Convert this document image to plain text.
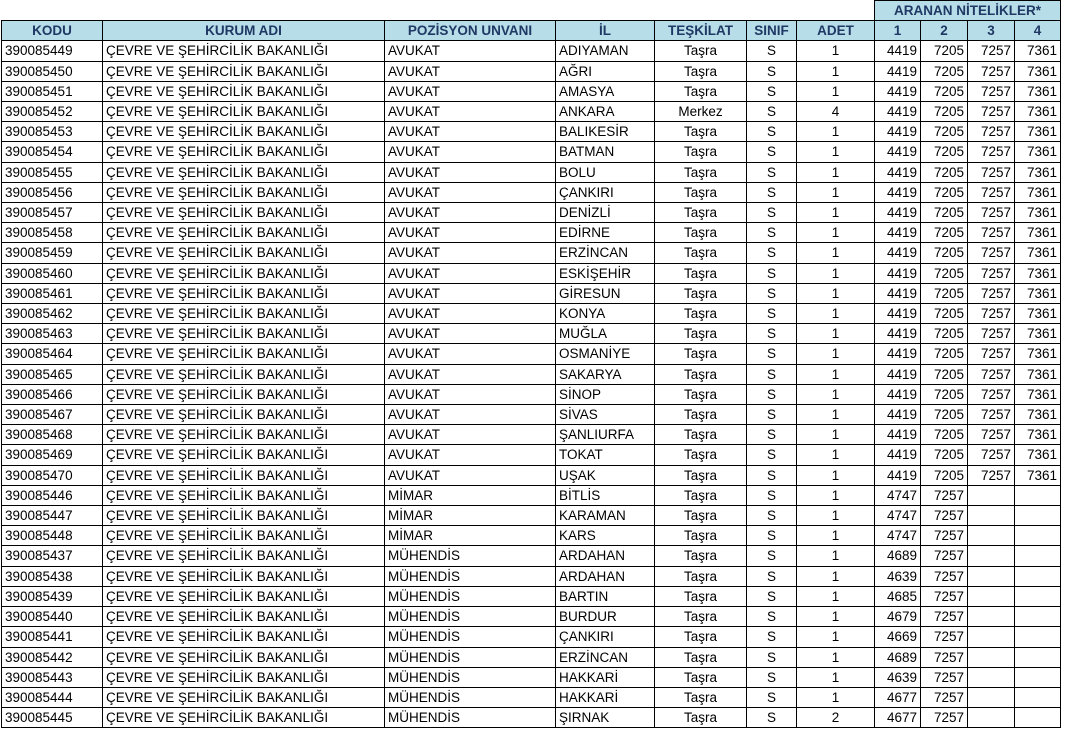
							ARANAN NİTELİKLER*			
KODU	KURUM ADI	POZİSYON UNVANI	İL	TEŞKİLAT	SINIF	ADET	1	2	3	4
390085449	ÇEVRE VE ŞEHİRCİLİK BAKANLIĞI	AVUKAT	ADIYAMAN	Taşra	S	1	4419	7205	7257	7361
390085450	ÇEVRE VE ŞEHİRCİLİK BAKANLIĞI	AVUKAT	AĞRI	Taşra	S	1	4419	7205	7257	7361
390085451	ÇEVRE VE ŞEHİRCİLİK BAKANLIĞI	AVUKAT	AMASYA	Taşra	S	1	4419	7205	7257	7361
390085452	ÇEVRE VE ŞEHİRCİLİK BAKANLIĞI	AVUKAT	ANKARA	Merkez	S	4	4419	7205	7257	7361
390085453	ÇEVRE VE ŞEHİRCİLİK BAKANLIĞI	AVUKAT	BALIKESİR	Taşra	S	1	4419	7205	7257	7361
390085454	ÇEVRE VE ŞEHİRCİLİK BAKANLIĞI	AVUKAT	BATMAN	Taşra	S	1	4419	7205	7257	7361
390085455	ÇEVRE VE ŞEHİRCİLİK BAKANLIĞI	AVUKAT	BOLU	Taşra	S	1	4419	7205	7257	7361
390085456	ÇEVRE VE ŞEHİRCİLİK BAKANLIĞI	AVUKAT	ÇANKIRI	Taşra	S	1	4419	7205	7257	7361
390085457	ÇEVRE VE ŞEHİRCİLİK BAKANLIĞI	AVUKAT	DENİZLİ	Taşra	S	1	4419	7205	7257	7361
390085458	ÇEVRE VE ŞEHİRCİLİK BAKANLIĞI	AVUKAT	EDİRNE	Taşra	S	1	4419	7205	7257	7361
390085459	ÇEVRE VE ŞEHİRCİLİK BAKANLIĞI	AVUKAT	ERZİNCAN	Taşra	S	1	4419	7205	7257	7361
390085460	ÇEVRE VE ŞEHİRCİLİK BAKANLIĞI	AVUKAT	ESKİŞEHİR	Taşra	S	1	4419	7205	7257	7361
390085461	ÇEVRE VE ŞEHİRCİLİK BAKANLIĞI	AVUKAT	GİRESUN	Taşra	S	1	4419	7205	7257	7361
390085462	ÇEVRE VE ŞEHİRCİLİK BAKANLIĞI	AVUKAT	KONYA	Taşra	S	1	4419	7205	7257	7361
390085463	ÇEVRE VE ŞEHİRCİLİK BAKANLIĞI	AVUKAT	MUĞLA	Taşra	S	1	4419	7205	7257	7361
390085464	ÇEVRE VE ŞEHİRCİLİK BAKANLIĞI	AVUKAT	OSMANİYE	Taşra	S	1	4419	7205	7257	7361
390085465	ÇEVRE VE ŞEHİRCİLİK BAKANLIĞI	AVUKAT	SAKARYA	Taşra	S	1	4419	7205	7257	7361
390085466	ÇEVRE VE ŞEHİRCİLİK BAKANLIĞI	AVUKAT	SİNOP	Taşra	S	1	4419	7205	7257	7361
390085467	ÇEVRE VE ŞEHİRCİLİK BAKANLIĞI	AVUKAT	SİVAS	Taşra	S	1	4419	7205	7257	7361
390085468	ÇEVRE VE ŞEHİRCİLİK BAKANLIĞI	AVUKAT	ŞANLIURFA	Taşra	S	1	4419	7205	7257	7361
390085469	ÇEVRE VE ŞEHİRCİLİK BAKANLIĞI	AVUKAT	TOKAT	Taşra	S	1	4419	7205	7257	7361
390085470	ÇEVRE VE ŞEHİRCİLİK BAKANLIĞI	AVUKAT	UŞAK	Taşra	S	1	4419	7205	7257	7361
390085446	ÇEVRE VE ŞEHİRCİLİK BAKANLIĞI	MİMAR	BİTLİS	Taşra	S	1	4747	7257		
390085447	ÇEVRE VE ŞEHİRCİLİK BAKANLIĞI	MİMAR	KARAMAN	Taşra	S	1	4747	7257		
390085448	ÇEVRE VE ŞEHİRCİLİK BAKANLIĞI	MİMAR	KARS	Taşra	S	1	4747	7257		
390085437	ÇEVRE VE ŞEHİRCİLİK BAKANLIĞI	MÜHENDİS	ARDAHAN	Taşra	S	1	4689	7257		
390085438	ÇEVRE VE ŞEHİRCİLİK BAKANLIĞI	MÜHENDİS	ARDAHAN	Taşra	S	1	4639	7257		
390085439	ÇEVRE VE ŞEHİRCİLİK BAKANLIĞI	MÜHENDİS	BARTIN	Taşra	S	1	4685	7257		
390085440	ÇEVRE VE ŞEHİRCİLİK BAKANLIĞI	MÜHENDİS	BURDUR	Taşra	S	1	4679	7257		
390085441	ÇEVRE VE ŞEHİRCİLİK BAKANLIĞI	MÜHENDİS	ÇANKIRI	Taşra	S	1	4669	7257		
390085442	ÇEVRE VE ŞEHİRCİLİK BAKANLIĞI	MÜHENDİS	ERZİNCAN	Taşra	S	1	4689	7257		
390085443	ÇEVRE VE ŞEHİRCİLİK BAKANLIĞI	MÜHENDİS	HAKKARİ	Taşra	S	1	4639	7257		
390085444	ÇEVRE VE ŞEHİRCİLİK BAKANLIĞI	MÜHENDİS	HAKKARİ	Taşra	S	1	4677	7257		
390085445	ÇEVRE VE ŞEHİRCİLİK BAKANLIĞI	MÜHENDİS	ŞIRNAK	Taşra	S	2	4677	7257		
